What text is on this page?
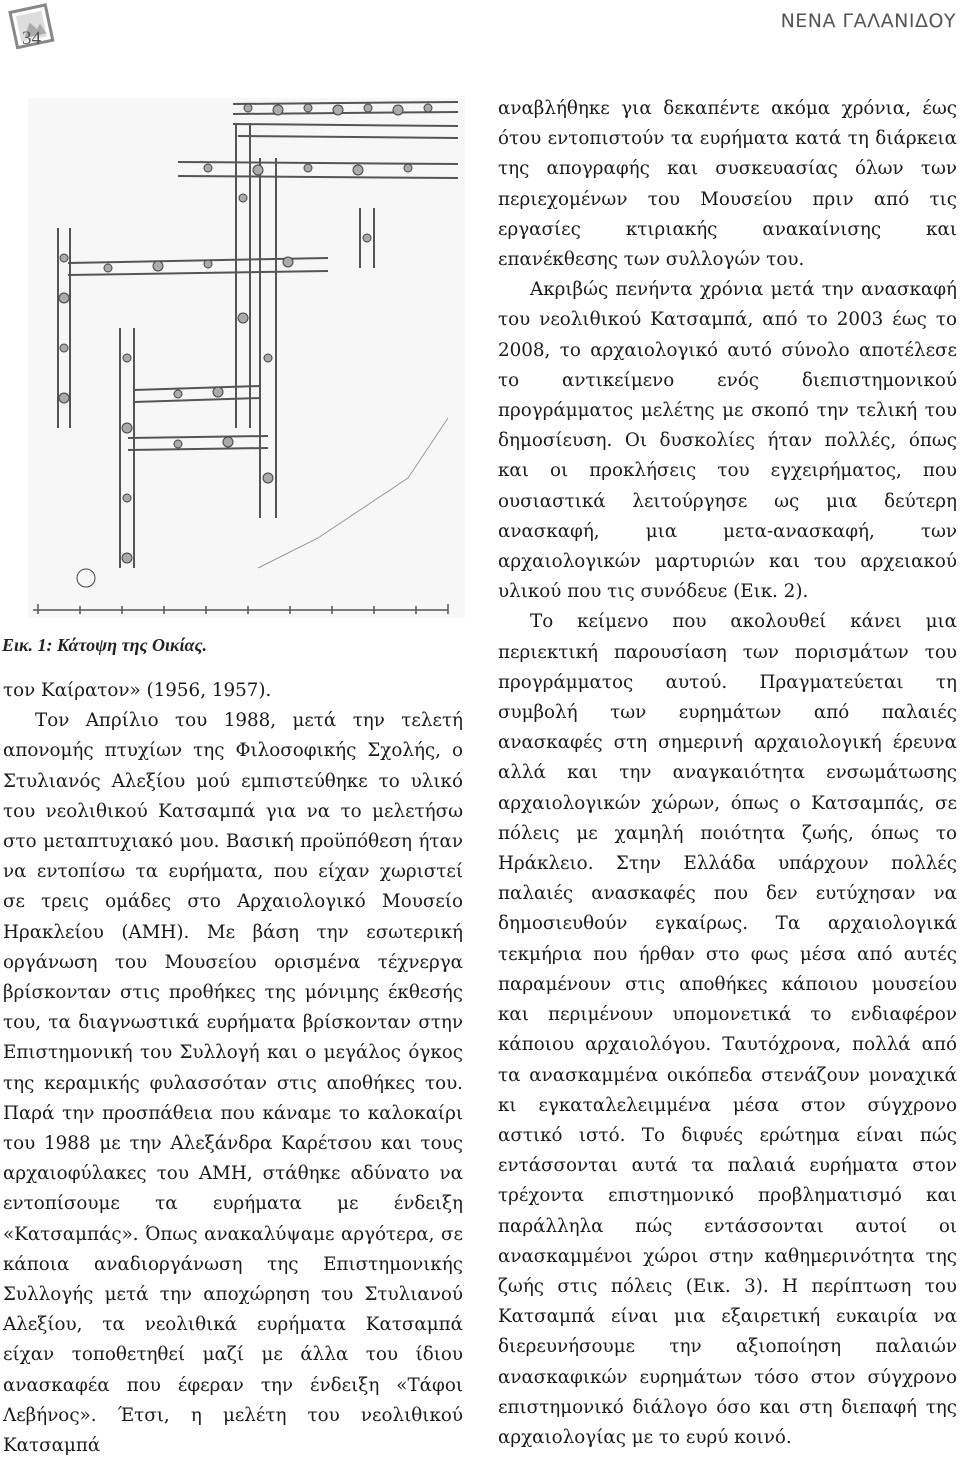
34
ΝΕΝΑ ΓΑΛΑΝΙΔΟΥ
Εικ. 1: Κάτοψη της Οικίας.

τον Καίρατον» (1956, 1957).

Τον Απρίλιο του 1988, μετά την τελετή απονομής πτυχίων της Φιλοσοφικής Σχολής, ο Στυλιανός Αλεξίου μού εμπιστεύθηκε το υλικό του νεολιθικού Κατσαμπά για να το μελετήσω στο μεταπτυχιακό μου. Βασική προϋπόθεση ήταν να εντοπίσω τα ευρήματα, που είχαν χωριστεί σε τρεις ομάδες στο Αρχαιολογικό Μουσείο Ηρακλείου (ΑΜΗ). Με βάση την εσωτερική οργάνωση του Μουσείου ορισμένα τέχνεργα βρίσκονταν στις προθήκες της μόνιμης έκθεσής του, τα διαγνωστικά ευρήματα βρίσκονταν στην Επιστημονική του Συλλογή και ο μεγάλος όγκος της κεραμικής φυλασσόταν στις αποθήκες του. Παρά την προσπάθεια που κάναμε το καλοκαίρι του 1988 με την Αλεξάνδρα Καρέτσου και τους αρχαιοφύλακες του ΑΜΗ, στάθηκε αδύνατο να εντοπίσουμε τα ευρήματα με ένδειξη «Κατσαμπάς». Όπως ανακαλύψαμε αργότερα, σε κάποια αναδιοργάνωση της Επιστημονικής Συλλογής μετά την αποχώρηση του Στυλιανού Αλεξίου, τα νεολιθικά ευρήματα Κατσαμπά είχαν τοποθετηθεί μαζί με άλλα του ίδιου ανασκαφέα που έφεραν την ένδειξη «Τάφοι Λεβήνος». Έτσι, η μελέτη του νεολιθικού Κατσαμπά

αναβλήθηκε για δεκαπέντε ακόμα χρόνια, έως ότου εντοπιστούν τα ευρήματα κατά τη διάρκεια της απογραφής και συσκευασίας όλων των περιεχομένων του Μουσείου πριν από τις εργασίες κτιριακής ανακαίνισης και επανέκθεσης των συλλογών του.

Ακριβώς πενήντα χρόνια μετά την ανασκαφή του νεολιθικού Κατσαμπά, από το 2003 έως το 2008, το αρχαιολογικό αυτό σύνολο αποτέλεσε το αντικείμενο ενός διεπιστημονικού προγράμματος μελέτης με σκοπό την τελική του δημοσίευση. Οι δυσκολίες ήταν πολλές, όπως και οι προκλήσεις του εγχειρήματος, που ουσιαστικά λειτούργησε ως μια δεύτερη ανασκαφή, μια μετα-ανασκαφή, των αρχαιολογικών μαρτυριών και του αρχειακού υλικού που τις συνόδευε (Εικ. 2).

Το κείμενο που ακολουθεί κάνει μια περιεκτική παρουσίαση των πορισμάτων του προγράμματος αυτού. Πραγματεύεται τη συμβολή των ευρημάτων από παλαιές ανασκαφές στη σημερινή αρχαιολογική έρευνα αλλά και την αναγκαιότητα ενσωμάτωσης αρχαιολογικών χώρων, όπως ο Κατσαμπάς, σε πόλεις με χαμηλή ποιότητα ζωής, όπως το Ηράκλειο. Στην Ελλάδα υπάρχουν πολλές παλαιές ανασκαφές που δεν ευτύχησαν να δημοσιευθούν εγκαίρως. Τα αρχαιολογικά τεκμήρια που ήρθαν στο φως μέσα από αυτές παραμένουν στις αποθήκες κάποιου μουσείου και περιμένουν υπομονετικά το ενδιαφέρον κάποιου αρχαιολόγου. Ταυτόχρονα, πολλά από τα ανασκαμμένα οικόπεδα στενάζουν μοναχικά κι εγκαταλελειμμένα μέσα στον σύγχρονο αστικό ιστό. Το διφυές ερώτημα είναι πώς εντάσσονται αυτά τα παλαιά ευρήματα στον τρέχοντα επιστημονικό προβληματισμό και παράλληλα πώς εντάσσονται αυτοί οι ανασκαμμένοι χώροι στην καθημερινότητα της ζωής στις πόλεις (Εικ. 3). Η περίπτωση του Κατσαμπά είναι μια εξαιρετική ευκαιρία να διερευνήσουμε την αξιοποίηση παλαιών ανασκαφικών ευρημάτων τόσο στον σύγχρονο επιστημονικό διάλογο όσο και στη διεπαφή της αρχαιολογίας με το ευρύ κοινό.
